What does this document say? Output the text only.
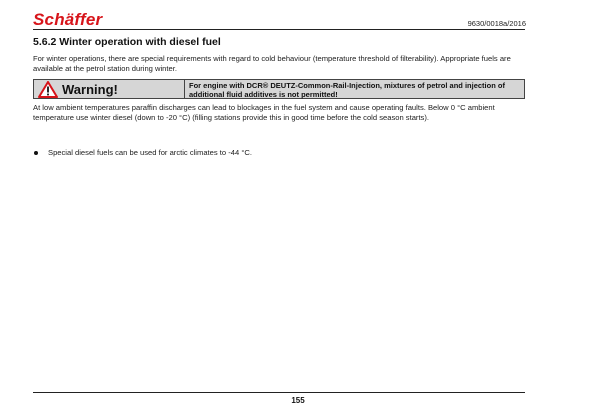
Schäffer	9630/0018a/2016
5.6.2 Winter operation with diesel fuel
For winter operations, there are special requirements with regard to cold behaviour (temperature threshold of filterability). Appropriate fuels are available at the petrol station during winter.
Warning!	For engine with DCR® DEUTZ-Common-Rail-Injection, mixtures of petrol and injection of additional fluid additives is not permitted!
At low ambient temperatures paraffin discharges can lead to blockages in the fuel system and cause operating faults. Below 0 °C ambient temperature use winter diesel (down to -20 °C) (filling stations provide this in good time before the cold season starts).
Special diesel fuels can be used for arctic climates to -44 °C.
155
